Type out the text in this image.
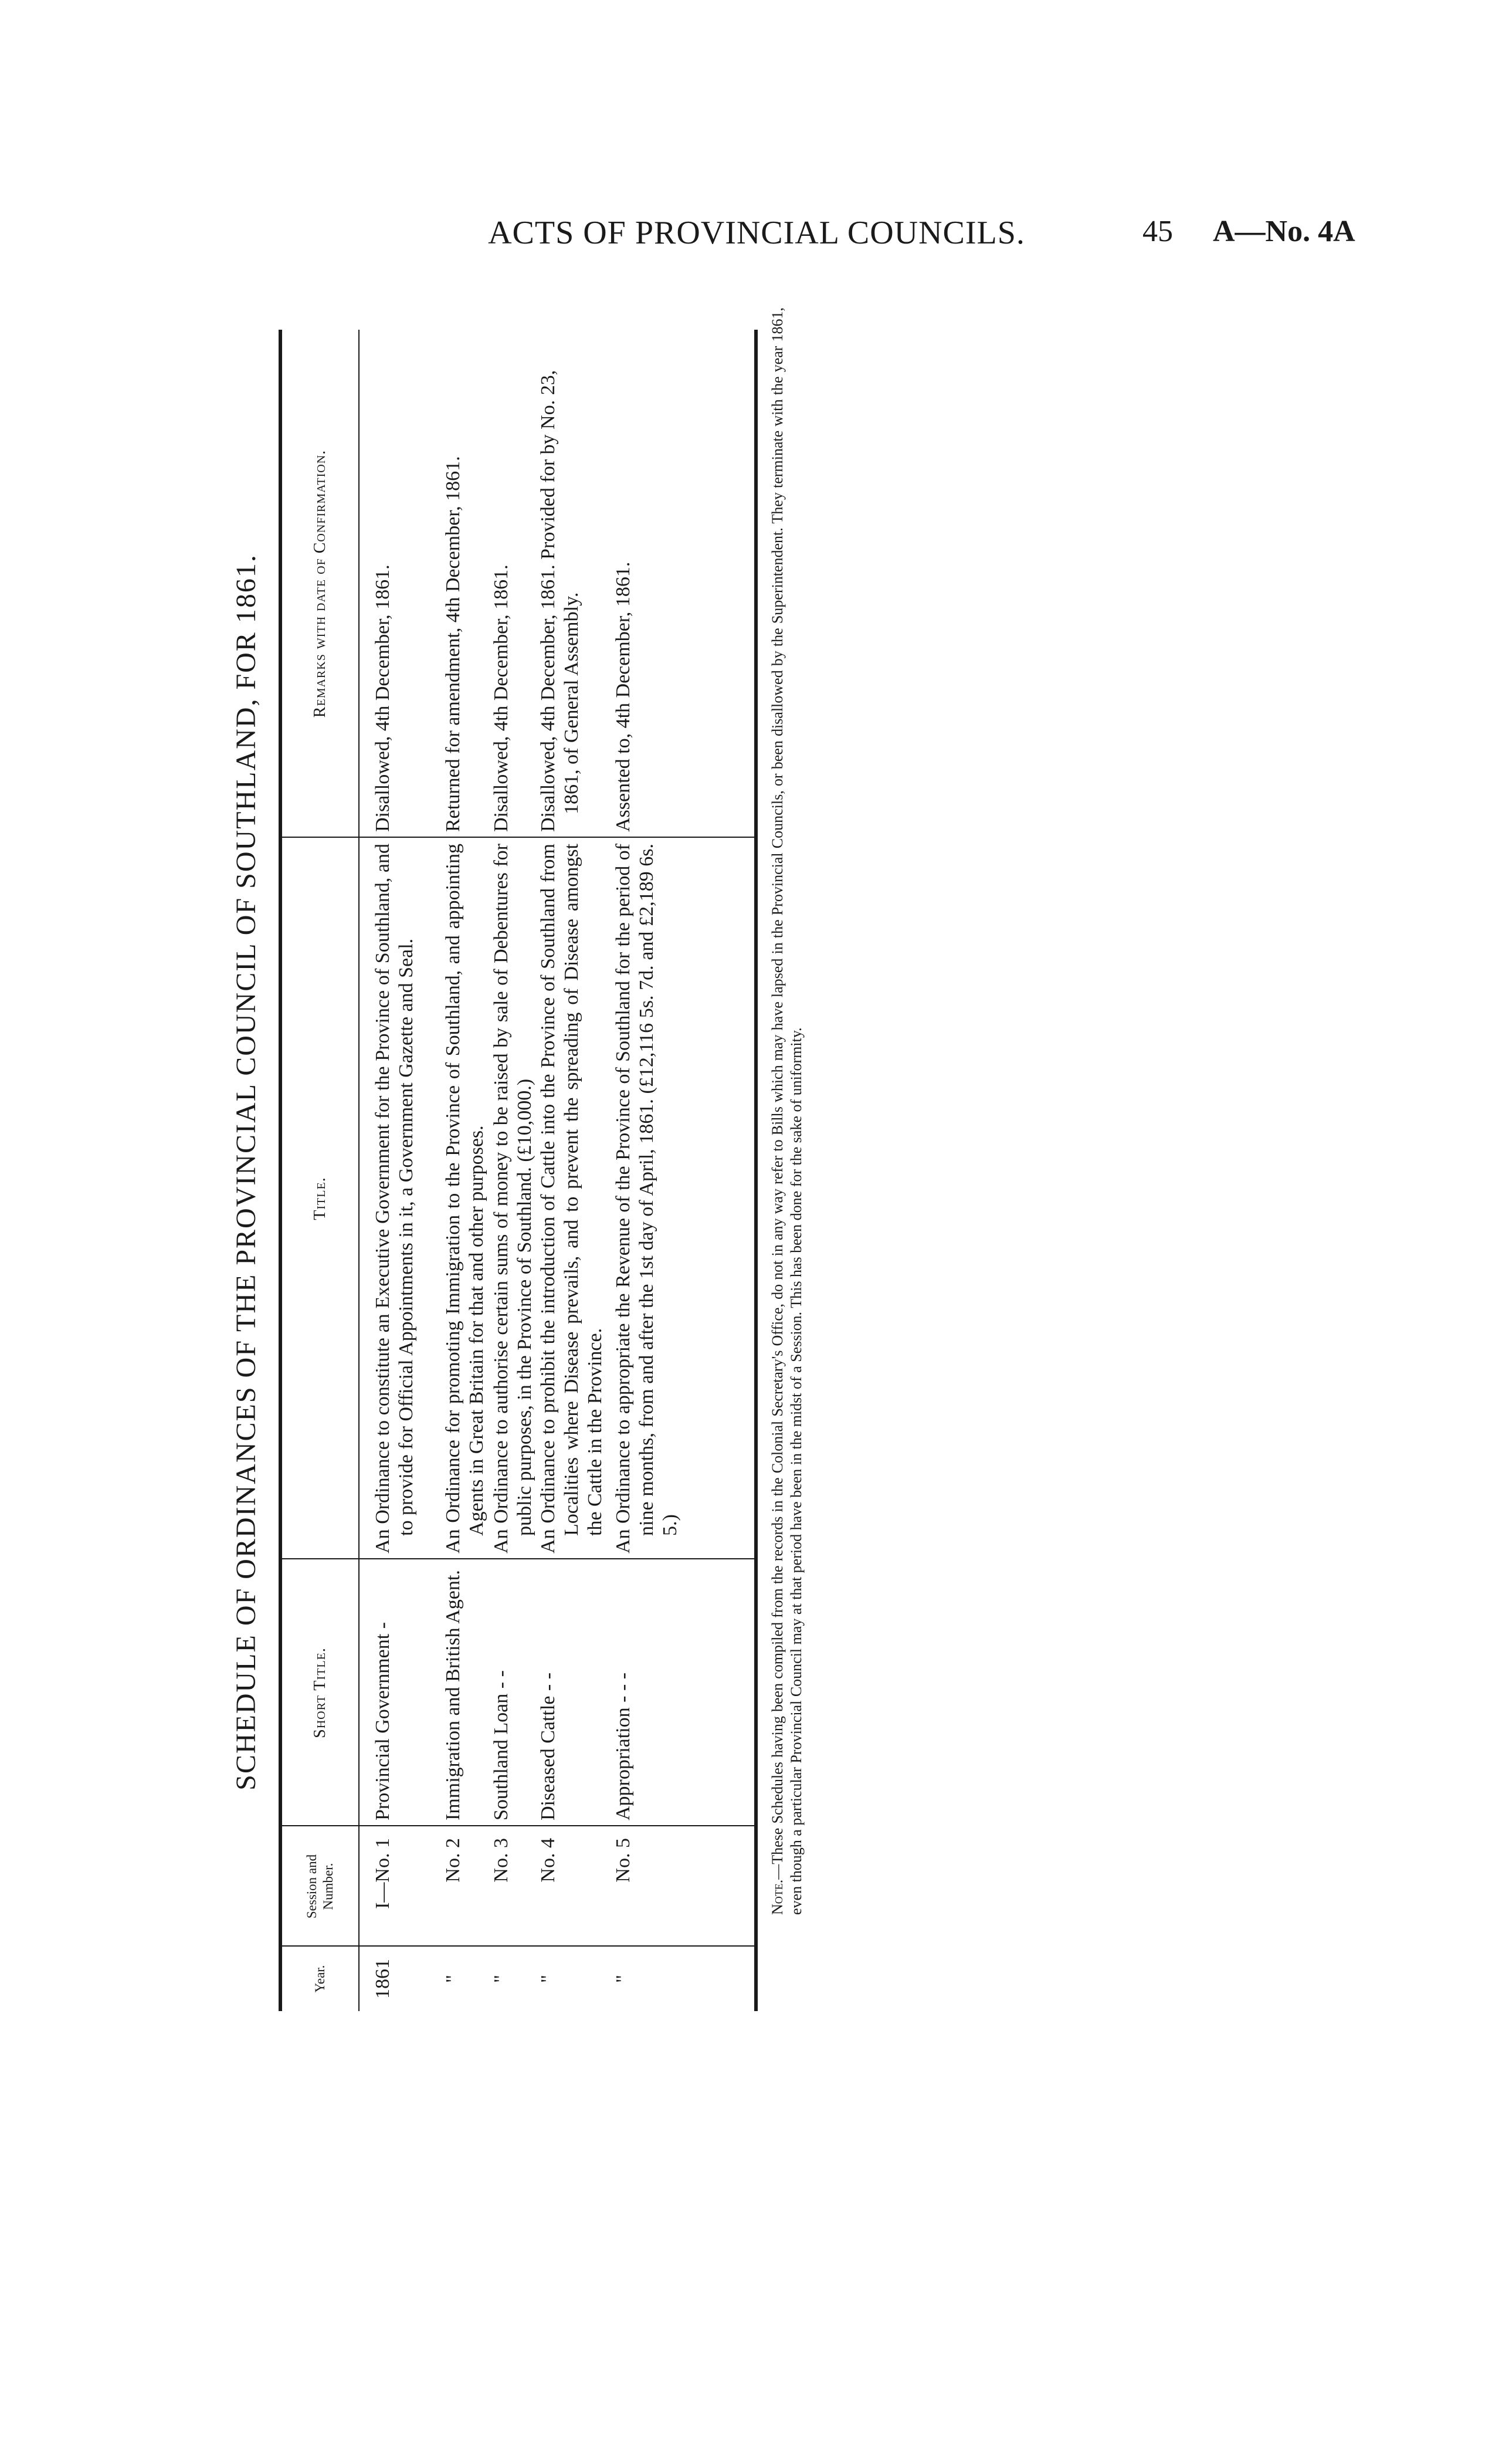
ACTS OF PROVINCIAL COUNCILS.	45 A—No. 4A
SCHEDULE OF ORDINANCES OF THE PROVINCIAL COUNCIL OF SOUTHLAND, FOR 1861.
Year.
Session and Number.
Short Title.
Title.
Remarks with date of Confirmation.
1861
I—No. 1
Provincial Government -
An Ordinance to constitute an Executive Government for the Province of Southland, and to provide for Official Appointments in it, a Government Gazette and Seal.
Disallowed, 4th December, 1861.
"
No. 2
Immigration and British Agent.
An Ordinance for promoting Immigration to the Province of Southland, and appointing Agents in Great Britain for that and other purposes.
Returned for amendment, 4th December, 1861.
"
No. 3
Southland Loan - -
An Ordinance to authorise certain sums of money to be raised by sale of Debentures for public purposes, in the Province of Southland. (£10,000.)
Disallowed, 4th December, 1861.
"
No. 4
Diseased Cattle - -
An Ordinance to prohibit the introduction of Cattle into the Province of Southland from Localities where Disease prevails, and to prevent the spreading of Disease amongst the Cattle in the Province.
Disallowed, 4th December, 1861. Provided for by No. 23, 1861, of General Assembly.
"
No. 5
Appropriation - - -
An Ordinance to appropriate the Revenue of the Province of Southland for the period of nine months, from and after the 1st day of April, 1861. (£12,116 5s. 7d. and £2,189 6s. 5.)
Assented to, 4th December, 1861.
Note.—These Schedules having been compiled from the records in the Colonial Secretary's Office, do not in any way refer to Bills which may have lapsed in the Provincial Councils, or been disallowed by the Superintendent. They terminate with the year 1861, even though a particular Provincial Council may at that period have been in the midst of a Session. This has been done for the sake of uniformity.
